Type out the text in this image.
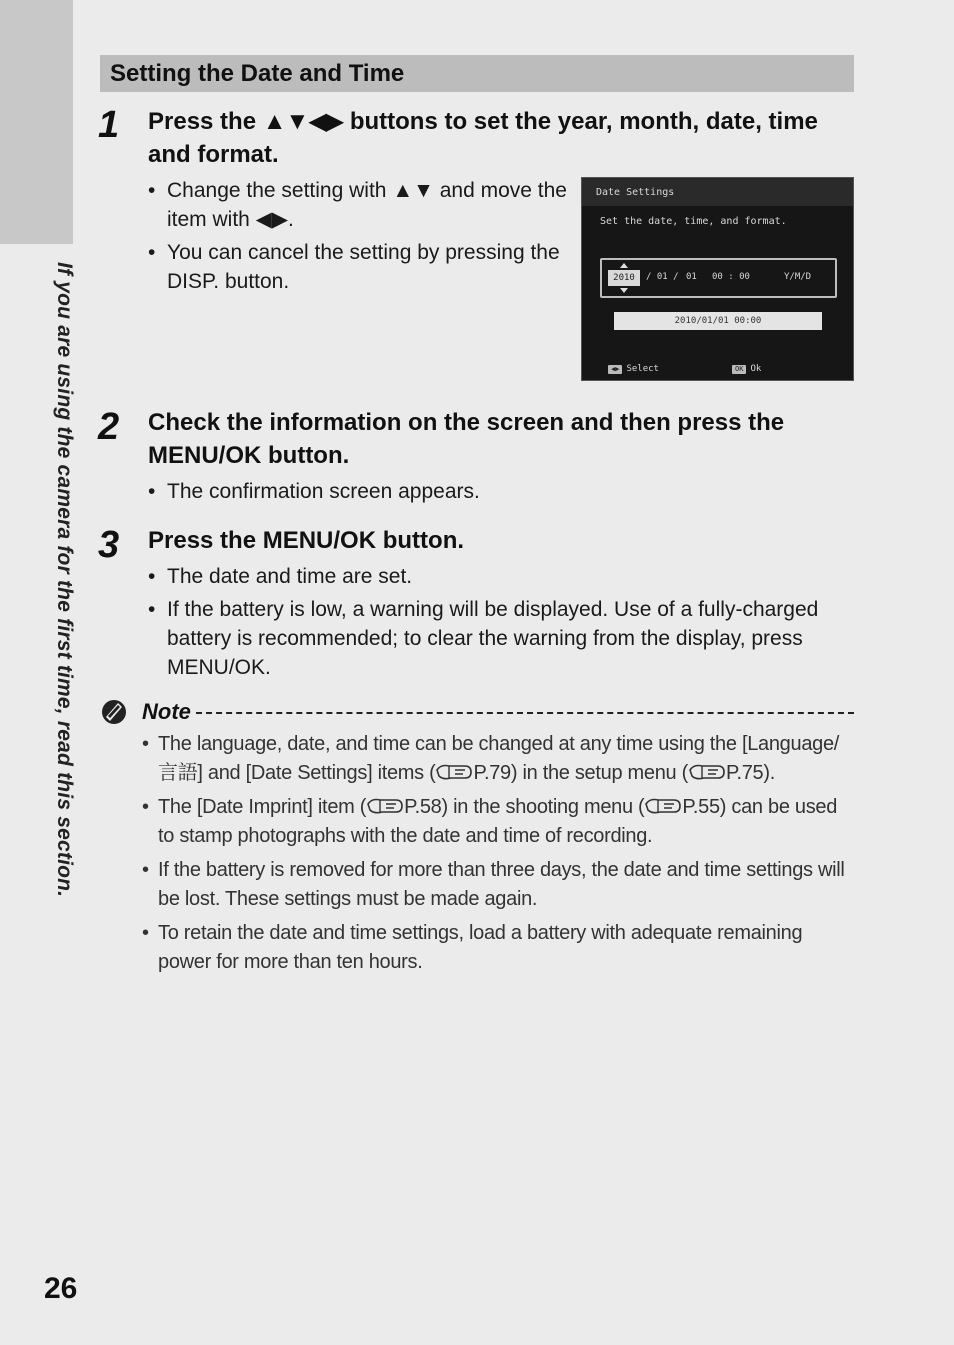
If you are using the camera for the first time, read this section.
Setting the Date and Time
1 Press the ▲▼◀▶ buttons to set the year, month, date, time and format.
• Change the setting with ▲▼ and move the item with ◀▶.
• You can cancel the setting by pressing the DISP. button.
Date Settings
Set the date, time, and format.
2010	/ 01 / 01 00 : 00	Y/M/D
2010/01/01 00:00
◀▶ Select	OK Ok
2 Check the information on the screen and then press the MENU/OK button.
• The confirmation screen appears.
3 Press the MENU/OK button.
• The date and time are set.
• If the battery is low, a warning will be displayed. Use of a fully-charged battery is recommended; to clear the warning from the display, press MENU/OK.
Note
• The language, date, and time can be changed at any time using the [Language/
言語] and [Date Settings] items ( P.79) in the setup menu ( P.75).
• The [Date Imprint] item ( P.58) in the shooting menu ( P.55) can be used to stamp photographs with the date and time of recording.
• If the battery is removed for more than three days, the date and time settings will be lost. These settings must be made again.
• To retain the date and time settings, load a battery with adequate remaining power for more than ten hours.
26
